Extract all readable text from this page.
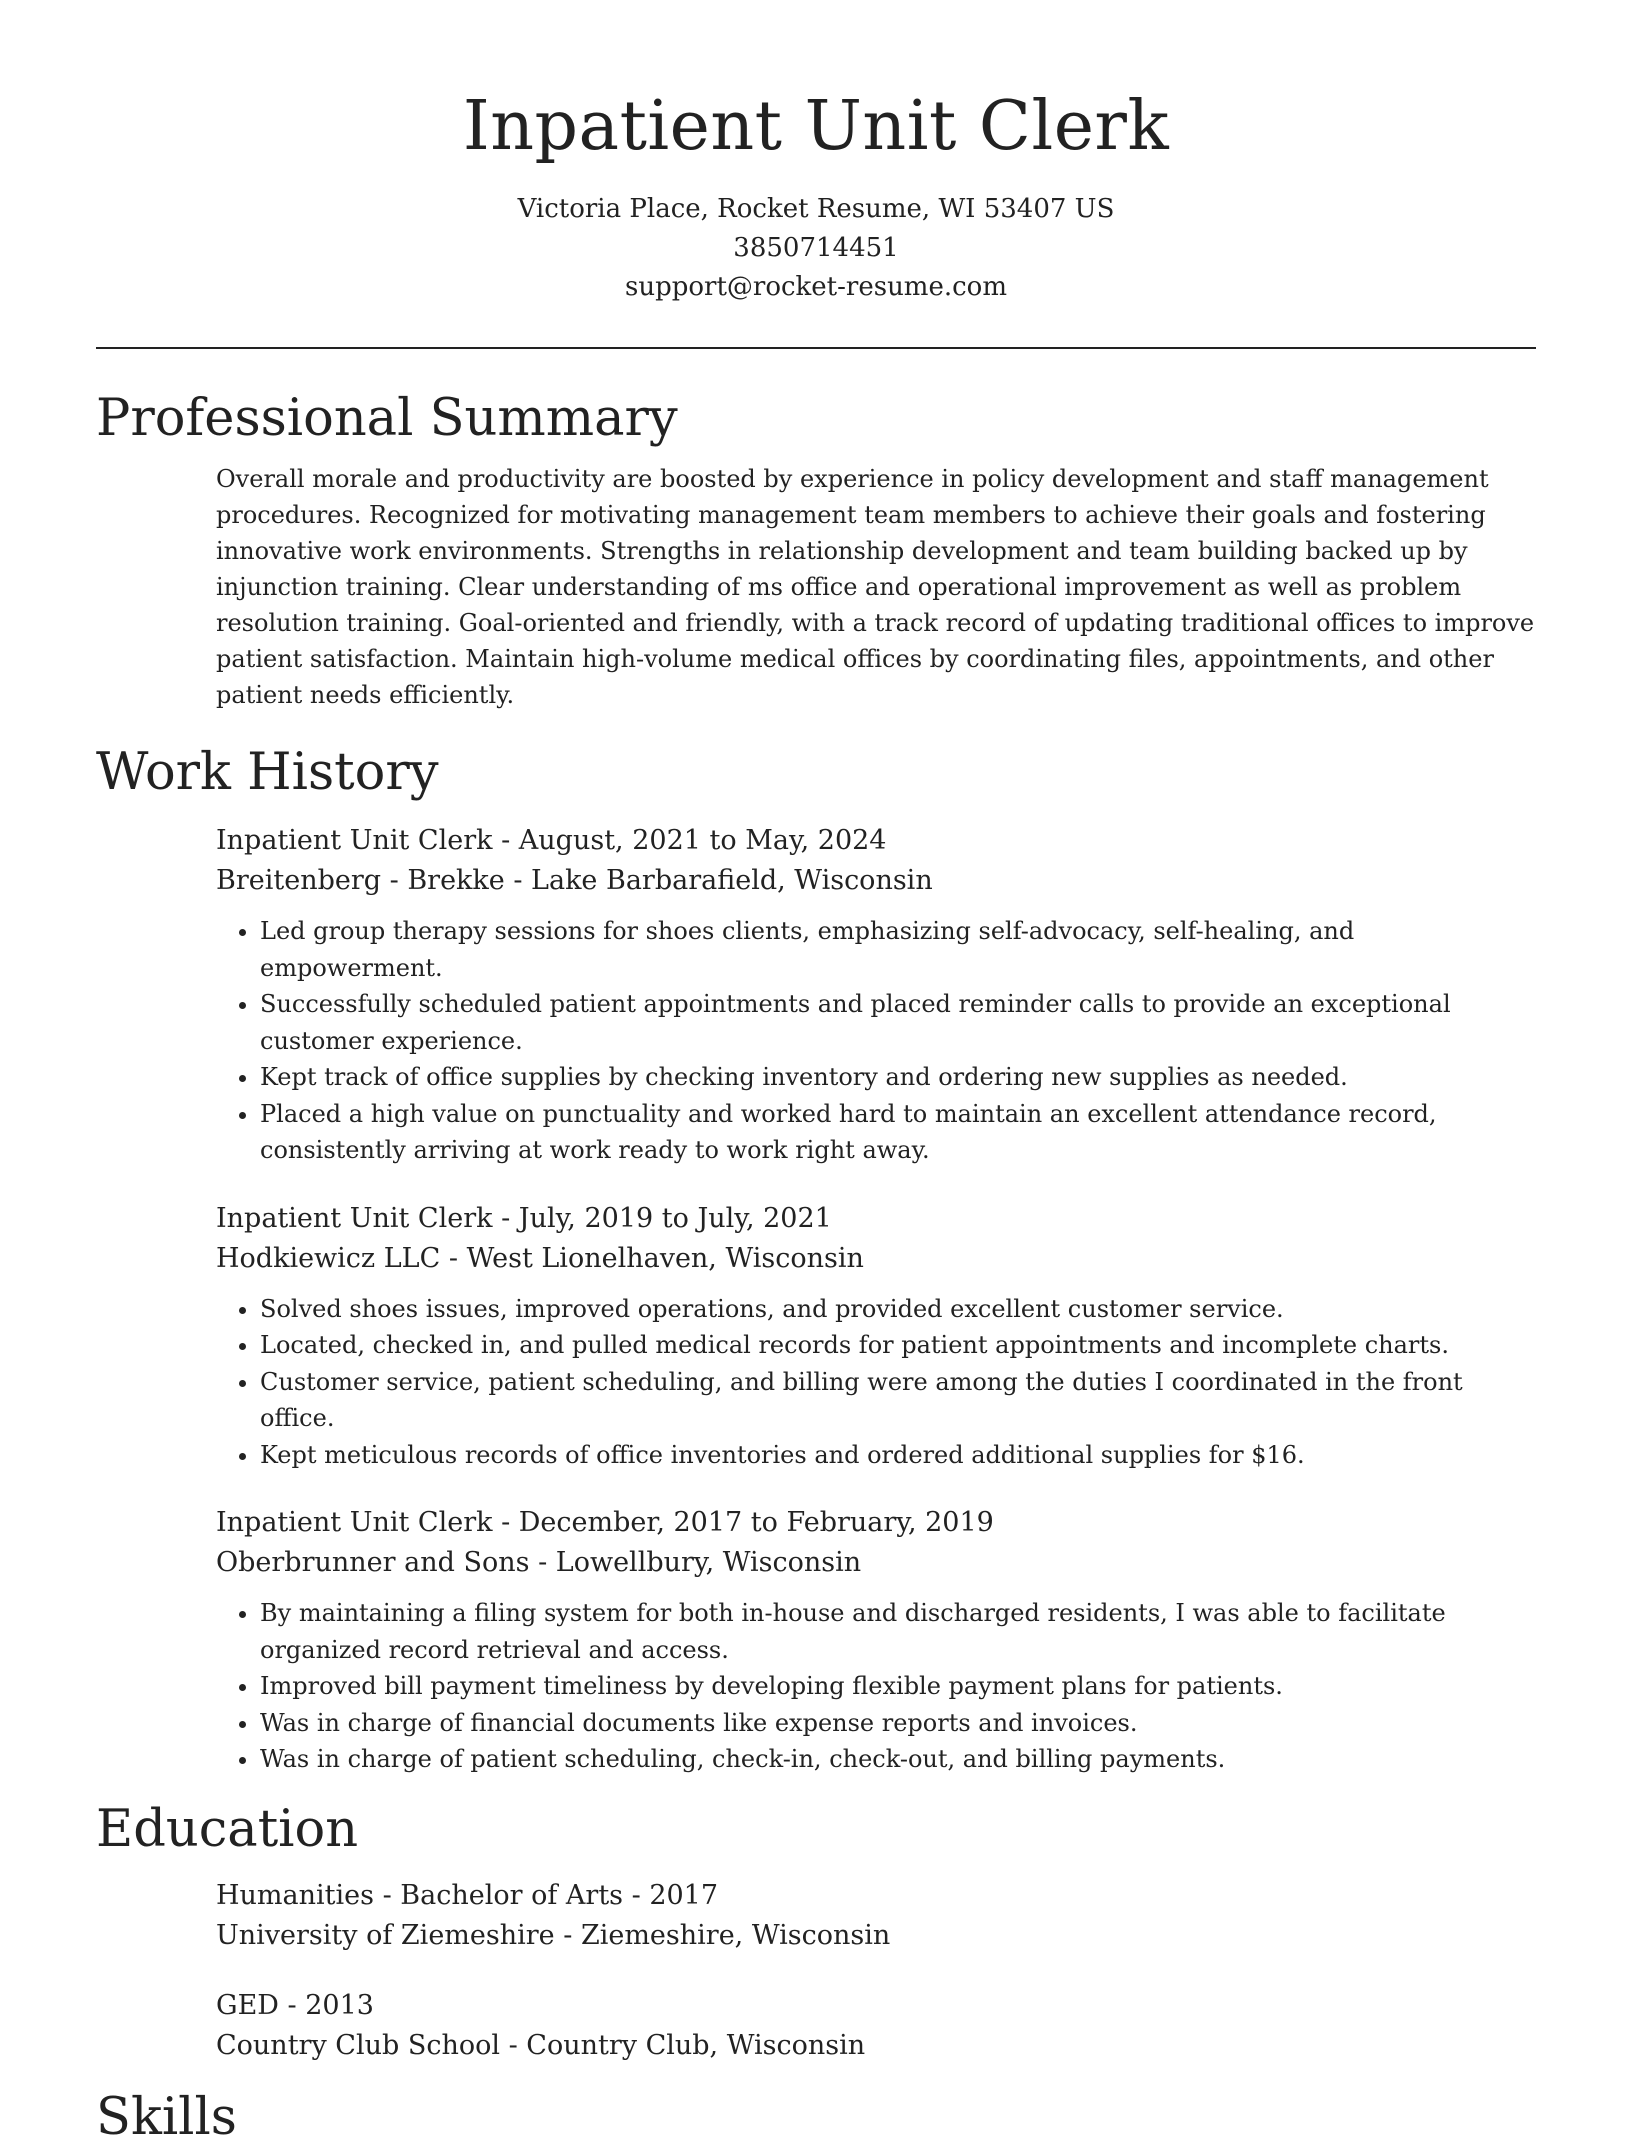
Inpatient Unit Clerk
Victoria Place, Rocket Resume, WI 53407 US
3850714451
support@rocket-resume.com
Professional Summary
Overall morale and productivity are boosted by experience in policy development and staff management procedures. Recognized for motivating management team members to achieve their goals and fostering innovative work environments. Strengths in relationship development and team building backed up by injunction training. Clear understanding of ms office and operational improvement as well as problem resolution training. Goal-oriented and friendly, with a track record of updating traditional offices to improve patient satisfaction. Maintain high-volume medical offices by coordinating files, appointments, and other patient needs efficiently.
Work History
Inpatient Unit Clerk - August, 2021 to May, 2024
Breitenberg - Brekke - Lake Barbarafield, Wisconsin
• Led group therapy sessions for shoes clients, emphasizing self-advocacy, self-healing, and empowerment.
• Successfully scheduled patient appointments and placed reminder calls to provide an exceptional customer experience.
• Kept track of office supplies by checking inventory and ordering new supplies as needed.
• Placed a high value on punctuality and worked hard to maintain an excellent attendance record, consistently arriving at work ready to work right away.
Inpatient Unit Clerk - July, 2019 to July, 2021
Hodkiewicz LLC - West Lionelhaven, Wisconsin
• Solved shoes issues, improved operations, and provided excellent customer service.
• Located, checked in, and pulled medical records for patient appointments and incomplete charts.
• Customer service, patient scheduling, and billing were among the duties I coordinated in the front office.
• Kept meticulous records of office inventories and ordered additional supplies for $16.
Inpatient Unit Clerk - December, 2017 to February, 2019
Oberbrunner and Sons - Lowellbury, Wisconsin
• By maintaining a filing system for both in-house and discharged residents, I was able to facilitate organized record retrieval and access.
• Improved bill payment timeliness by developing flexible payment plans for patients.
• Was in charge of financial documents like expense reports and invoices.
• Was in charge of patient scheduling, check-in, check-out, and billing payments.
Education
Humanities - Bachelor of Arts - 2017
University of Ziemeshire - Ziemeshire, Wisconsin
GED - 2013
Country Club School - Country Club, Wisconsin
Skills
